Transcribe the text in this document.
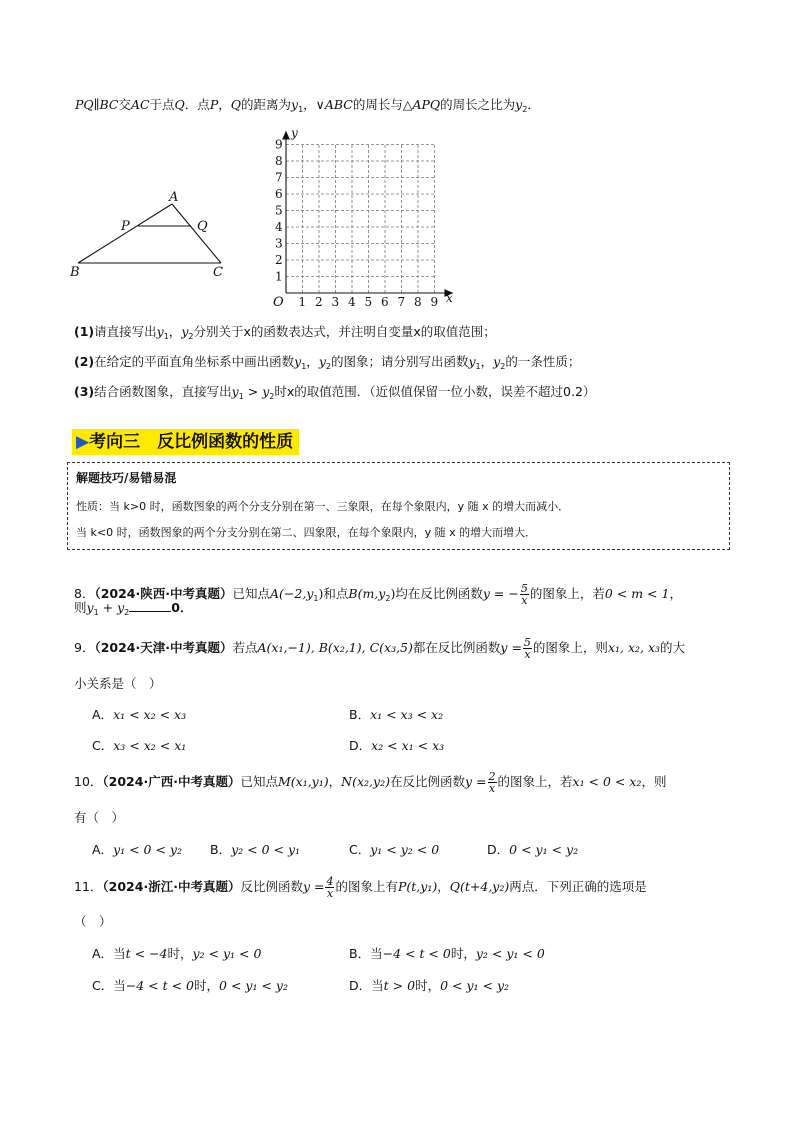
PQ∥BC交AC于点Q．点P，Q的距离为$y_1$，∨ABC的周长与△APQ的周长之比为$y_2$．
A
P	Q
B	C
1 2 3 4 5 6 7 8 9
1
2
3
4
5
6
7
8
9
O	x
y
(1)请直接写出$y_1$，$y_2$分别关于x的函数表达式，并注明自变量x的取值范围；
(2)在给定的平面直角坐标系中画出函数$y_1$，$y_2$的图象；请分别写出函数$y_1$，$y_2$的一条性质；
(3)结合函数图象，直接写出$y_1 > y_2$时x的取值范围．（近似值保留一位小数，误差不超过0.2）
▶考向三　反比例函数的性质
解题技巧/易错易混
性质：当 k>0 时，函数图象的两个分支分别在第一、三象限，在每个象限内，y 随 x 的增大而减小．
当 k<0 时，函数图象的两个分支分别在第二、四象限，在每个象限内，y 随 x 的增大而增大．
8．（2024·陕西·中考真题）已知点$A(-2,y_1)$和点$B(m,y_2)$均在反比例函数y = − $\frac{5}{x}$ 的图象上，若0 < m < 1，
则$y_1 + y_2$	0．
9．（2024·天津·中考真题）若点A(x₁,−1), B(x₂,1), C(x₃,5)都在反比例函数$y = \frac{5}{x}$ 的图象上，则x₁, x₂, x₃的大
小关系是（　）
A．x₁ < x₂ < x₃	B．x₁ < x₃ < x₂
C．x₃ < x₂ < x₁	D．x₂ < x₁ < x₃
10．（2024·广西·中考真题）已知点M(x₁,y₁)，N(x₂,y₂)在反比例函数$y = \frac{2}{x}$ 的图象上，若x₁ < 0 < x₂，则
有（　）
A．y₁ < 0 < y₂ B．y₂ < 0 < y₁	C．y₁ < y₂ < 0	D．0 < y₁ < y₂
11．（2024·浙江·中考真题）反比例函数$y = \frac{4}{x}$ 的图象上有P(t,y₁)，Q(t+4,y₂)两点．下列正确的选项是
（　）
A．当t < −4时，y₂ < y₁ < 0	B．当−4 < t < 0时，y₂ < y₁ < 0
C．当−4 < t < 0时，0 < y₁ < y₂	D．当t > 0时，0 < y₁ < y₂
